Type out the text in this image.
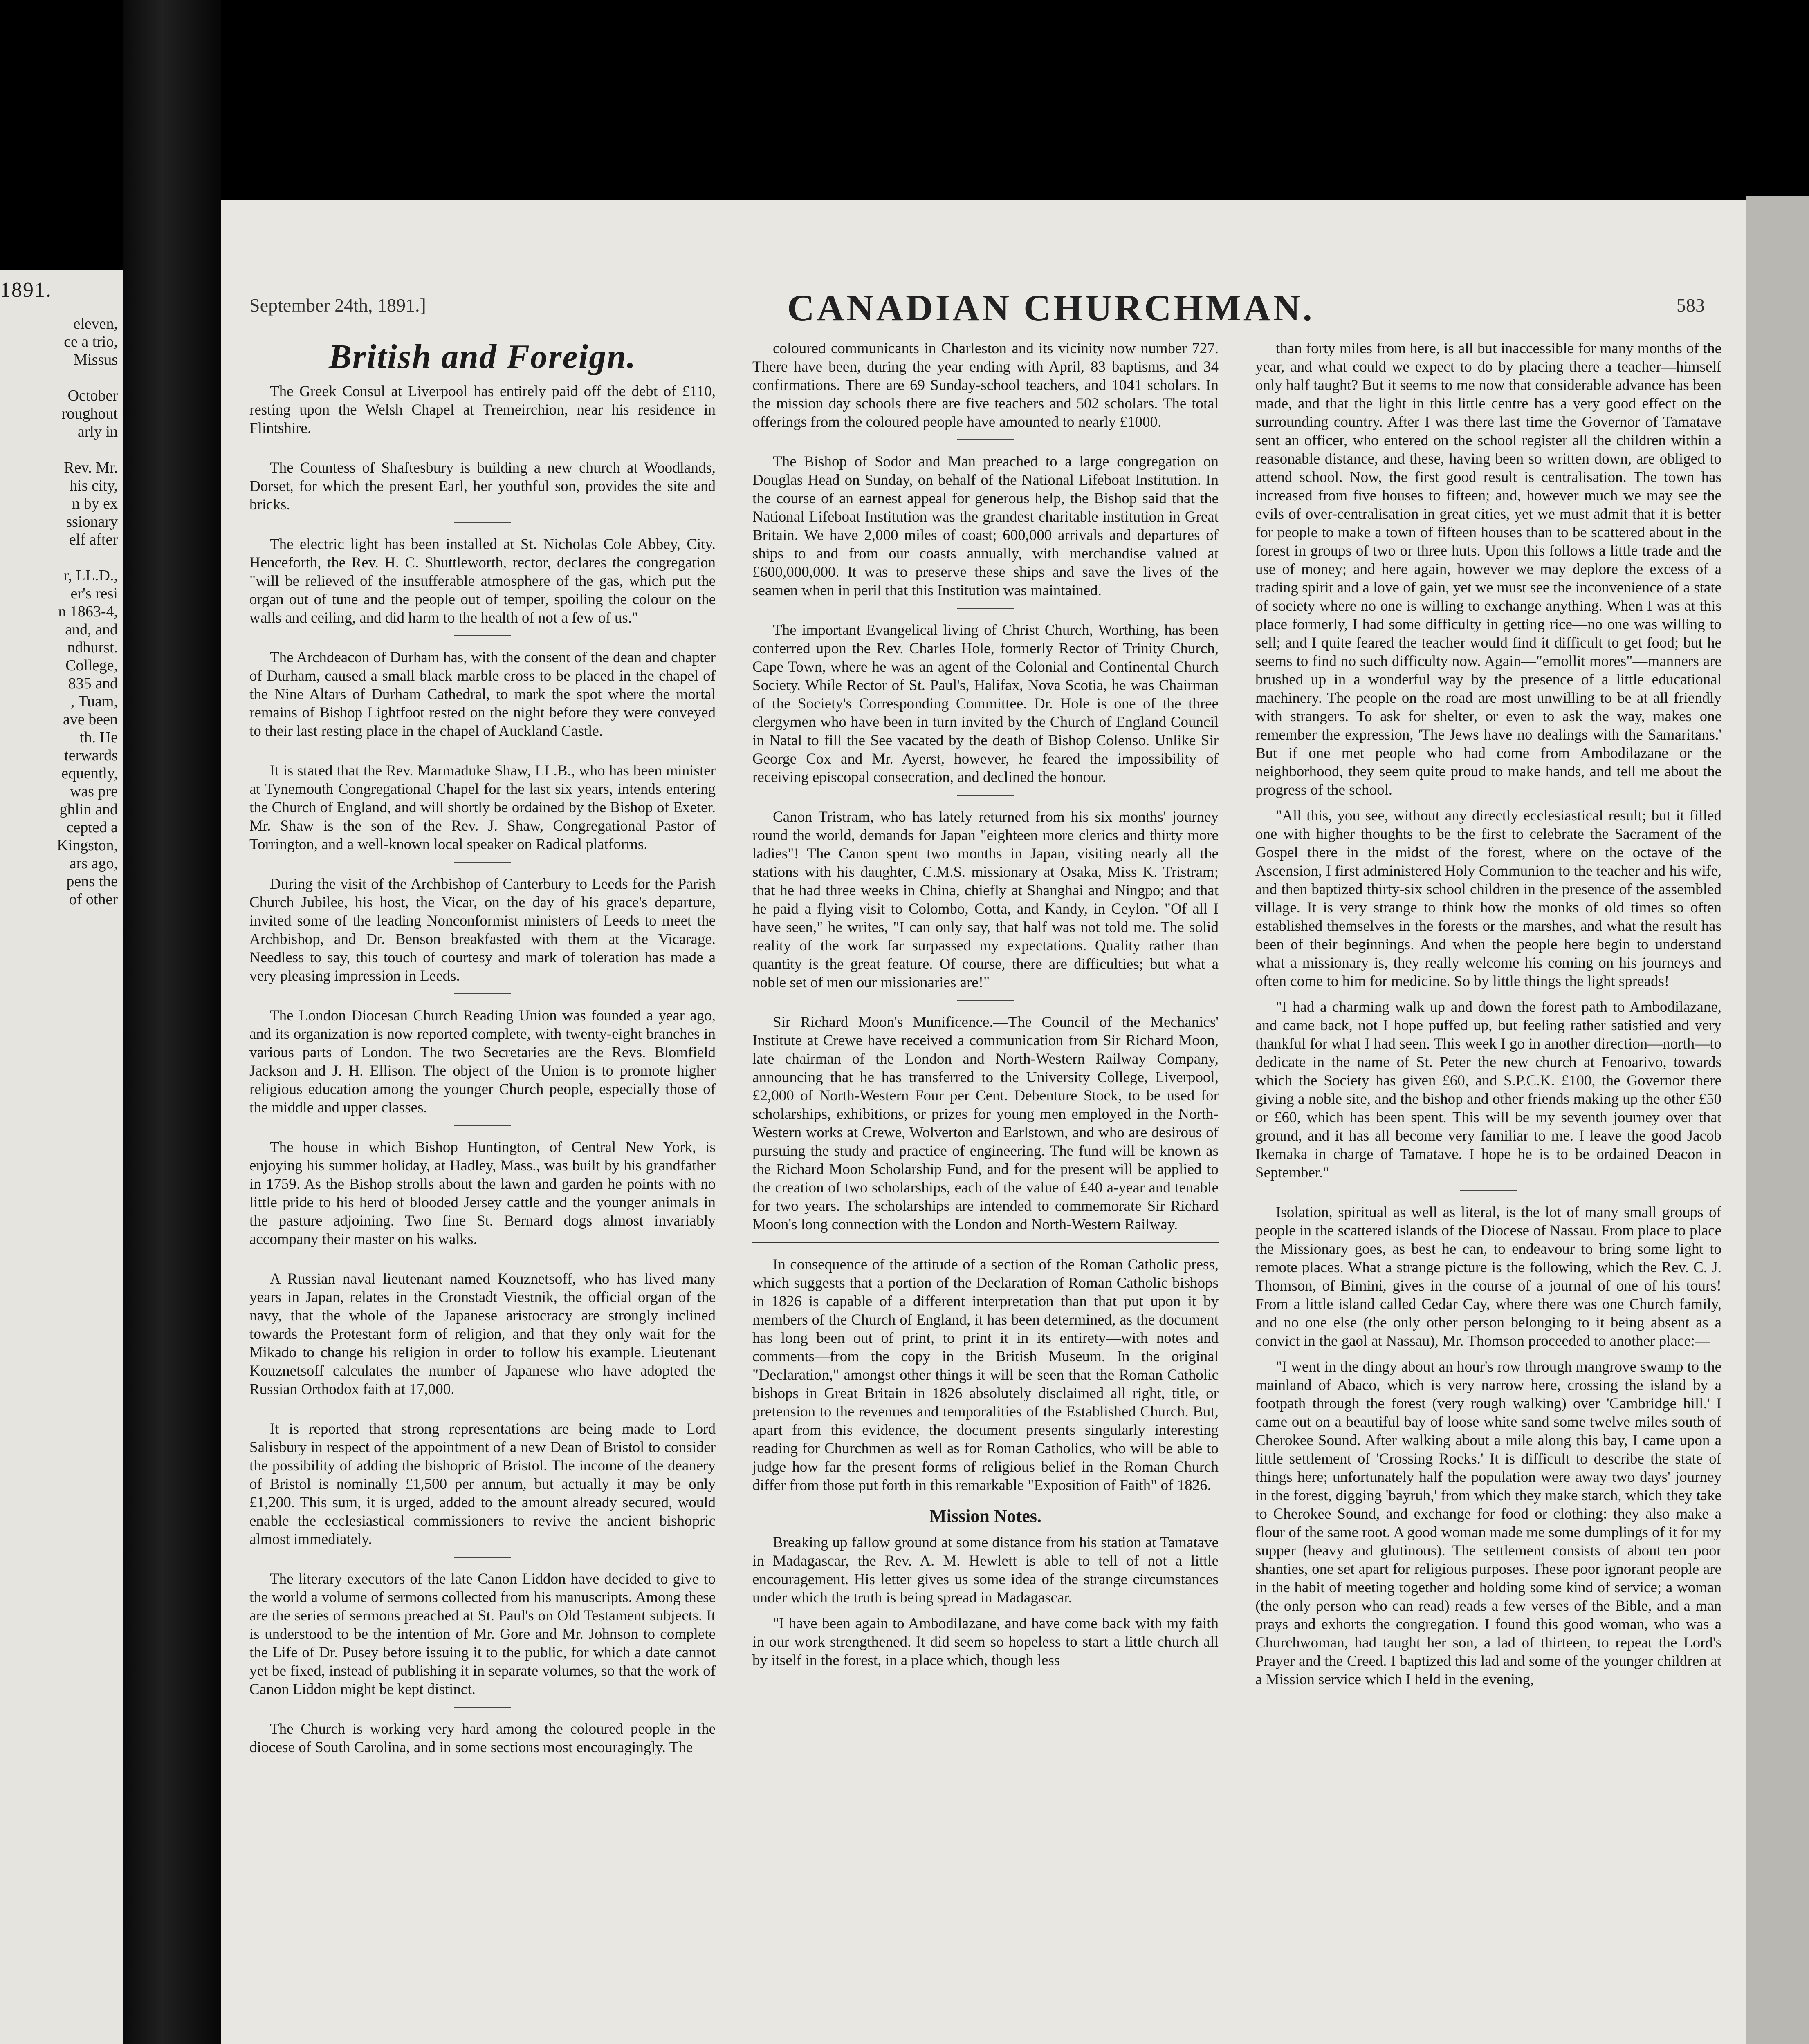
1891.
eleven,
ce a trio,
Missus

October
roughout
arly in

Rev. Mr.
his city,
n by ex
ssionary
elf after

r, LL.D.,
er's resi
n 1863-4,
and, and
ndhurst.
College,
835 and
, Tuam,
ave been
th. He
terwards
equently,
was pre
ghlin and
cepted a
Kingston,
ars ago,
pens the
of other
September 24th, 1891.]	CANADIAN CHURCHMAN.	583
British and Foreign.

The Greek Consul at Liverpool has entirely paid off the debt of £110, resting upon the Welsh Chapel at Tremeirchion, near his residence in Flintshire.

The Countess of Shaftesbury is building a new church at Woodlands, Dorset, for which the present Earl, her youthful son, provides the site and bricks.

The electric light has been installed at St. Nicholas Cole Abbey, City. Henceforth, the Rev. H. C. Shuttleworth, rector, declares the congregation "will be relieved of the insufferable atmosphere of the gas, which put the organ out of tune and the people out of temper, spoiling the colour on the walls and ceiling, and did harm to the health of not a few of us."

The Archdeacon of Durham has, with the consent of the dean and chapter of Durham, caused a small black marble cross to be placed in the chapel of the Nine Altars of Durham Cathedral, to mark the spot where the mortal remains of Bishop Lightfoot rested on the night before they were conveyed to their last resting place in the chapel of Auckland Castle.

It is stated that the Rev. Marmaduke Shaw, LL.B., who has been minister at Tynemouth Congregational Chapel for the last six years, intends entering the Church of England, and will shortly be ordained by the Bishop of Exeter. Mr. Shaw is the son of the Rev. J. Shaw, Congregational Pastor of Torrington, and a well-known local speaker on Radical platforms.

During the visit of the Archbishop of Canterbury to Leeds for the Parish Church Jubilee, his host, the Vicar, on the day of his grace's departure, invited some of the leading Nonconformist ministers of Leeds to meet the Archbishop, and Dr. Benson breakfasted with them at the Vicarage. Needless to say, this touch of courtesy and mark of toleration has made a very pleasing impression in Leeds.

The London Diocesan Church Reading Union was founded a year ago, and its organization is now reported complete, with twenty-eight branches in various parts of London. The two Secretaries are the Revs. Blomfield Jackson and J. H. Ellison. The object of the Union is to promote higher religious education among the younger Church people, especially those of the middle and upper classes.

The house in which Bishop Huntington, of Central New York, is enjoying his summer holiday, at Hadley, Mass., was built by his grandfather in 1759. As the Bishop strolls about the lawn and garden he points with no little pride to his herd of blooded Jersey cattle and the younger animals in the pasture adjoining. Two fine St. Bernard dogs almost invariably accompany their master on his walks.

A Russian naval lieutenant named Kouznetsoff, who has lived many years in Japan, relates in the Cronstadt Viestnik, the official organ of the navy, that the whole of the Japanese aristocracy are strongly inclined towards the Protestant form of religion, and that they only wait for the Mikado to change his religion in order to follow his example. Lieutenant Kouznetsoff calculates the number of Japanese who have adopted the Russian Orthodox faith at 17,000.

It is reported that strong representations are being made to Lord Salisbury in respect of the appointment of a new Dean of Bristol to consider the possibility of adding the bishopric of Bristol. The income of the deanery of Bristol is nominally £1,500 per annum, but actually it may be only £1,200. This sum, it is urged, added to the amount already secured, would enable the ecclesiastical commissioners to revive the ancient bishopric almost immediately.

The literary executors of the late Canon Liddon have decided to give to the world a volume of sermons collected from his manuscripts. Among these are the series of sermons preached at St. Paul's on Old Testament subjects. It is understood to be the intention of Mr. Gore and Mr. Johnson to complete the Life of Dr. Pusey before issuing it to the public, for which a date cannot yet be fixed, instead of publishing it in separate volumes, so that the work of Canon Liddon might be kept distinct.

The Church is working very hard among the coloured people in the diocese of South Carolina, and in some sections most encouragingly. The

coloured communicants in Charleston and its vicinity now number 727. There have been, during the year ending with April, 83 baptisms, and 34 confirmations. There are 69 Sunday-school teachers, and 1041 scholars. In the mission day schools there are five teachers and 502 scholars. The total offerings from the coloured people have amounted to nearly £1000.

The Bishop of Sodor and Man preached to a large congregation on Douglas Head on Sunday, on behalf of the National Lifeboat Institution. In the course of an earnest appeal for generous help, the Bishop said that the National Lifeboat Institution was the grandest charitable institution in Great Britain. We have 2,000 miles of coast; 600,000 arrivals and departures of ships to and from our coasts annually, with merchandise valued at £600,000,000. It was to preserve these ships and save the lives of the seamen when in peril that this Institution was maintained.

The important Evangelical living of Christ Church, Worthing, has been conferred upon the Rev. Charles Hole, formerly Rector of Trinity Church, Cape Town, where he was an agent of the Colonial and Continental Church Society. While Rector of St. Paul's, Halifax, Nova Scotia, he was Chairman of the Society's Corresponding Committee. Dr. Hole is one of the three clergymen who have been in turn invited by the Church of England Council in Natal to fill the See vacated by the death of Bishop Colenso. Unlike Sir George Cox and Mr. Ayerst, however, he feared the impossibility of receiving episcopal consecration, and declined the honour.

Canon Tristram, who has lately returned from his six months' journey round the world, demands for Japan "eighteen more clerics and thirty more ladies"! The Canon spent two months in Japan, visiting nearly all the stations with his daughter, C.M.S. missionary at Osaka, Miss K. Tristram; that he had three weeks in China, chiefly at Shanghai and Ningpo; and that he paid a flying visit to Colombo, Cotta, and Kandy, in Ceylon. "Of all I have seen," he writes, "I can only say, that half was not told me. The solid reality of the work far surpassed my expectations. Quality rather than quantity is the great feature. Of course, there are difficulties; but what a noble set of men our missionaries are!"

Sir Richard Moon's Munificence.—The Council of the Mechanics' Institute at Crewe have received a communication from Sir Richard Moon, late chairman of the London and North-Western Railway Company, announcing that he has transferred to the University College, Liverpool, £2,000 of North-Western Four per Cent. Debenture Stock, to be used for scholarships, exhibitions, or prizes for young men employed in the North-Western works at Crewe, Wolverton and Earlstown, and who are desirous of pursuing the study and practice of engineering. The fund will be known as the Richard Moon Scholarship Fund, and for the present will be applied to the creation of two scholarships, each of the value of £40 a-year and tenable for two years. The scholarships are intended to commemorate Sir Richard Moon's long connection with the London and North-Western Railway.

In consequence of the attitude of a section of the Roman Catholic press, which suggests that a portion of the Declaration of Roman Catholic bishops in 1826 is capable of a different interpretation than that put upon it by members of the Church of England, it has been determined, as the document has long been out of print, to print it in its entirety—with notes and comments—from the copy in the British Museum. In the original "Declaration," amongst other things it will be seen that the Roman Catholic bishops in Great Britain in 1826 absolutely disclaimed all right, title, or pretension to the revenues and temporalities of the Established Church. But, apart from this evidence, the document presents singularly interesting reading for Churchmen as well as for Roman Catholics, who will be able to judge how far the present forms of religious belief in the Roman Church differ from those put forth in this remarkable "Exposition of Faith" of 1826.

Mission Notes.

Breaking up fallow ground at some distance from his station at Tamatave in Madagascar, the Rev. A. M. Hewlett is able to tell of not a little encouragement. His letter gives us some idea of the strange circumstances under which the truth is being spread in Madagascar.

"I have been again to Ambodilazane, and have come back with my faith in our work strengthened. It did seem so hopeless to start a little church all by itself in the forest, in a place which, though less

than forty miles from here, is all but inaccessible for many months of the year, and what could we expect to do by placing there a teacher—himself only half taught? But it seems to me now that considerable advance has been made, and that the light in this little centre has a very good effect on the surrounding country. After I was there last time the Governor of Tamatave sent an officer, who entered on the school register all the children within a reasonable distance, and these, having been so written down, are obliged to attend school. Now, the first good result is centralisation. The town has increased from five houses to fifteen; and, however much we may see the evils of over-centralisation in great cities, yet we must admit that it is better for people to make a town of fifteen houses than to be scattered about in the forest in groups of two or three huts. Upon this follows a little trade and the use of money; and here again, however we may deplore the excess of a trading spirit and a love of gain, yet we must see the inconvenience of a state of society where no one is willing to exchange anything. When I was at this place formerly, I had some difficulty in getting rice—no one was willing to sell; and I quite feared the teacher would find it difficult to get food; but he seems to find no such difficulty now. Again—"emollit mores"—manners are brushed up in a wonderful way by the presence of a little educational machinery. The people on the road are most unwilling to be at all friendly with strangers. To ask for shelter, or even to ask the way, makes one remember the expression, 'The Jews have no dealings with the Samaritans.' But if one met people who had come from Ambodilazane or the neighborhood, they seem quite proud to make hands, and tell me about the progress of the school.

"All this, you see, without any directly ecclesiastical result; but it filled one with higher thoughts to be the first to celebrate the Sacrament of the Gospel there in the midst of the forest, where on the octave of the Ascension, I first administered Holy Communion to the teacher and his wife, and then baptized thirty-six school children in the presence of the assembled village. It is very strange to think how the monks of old times so often established themselves in the forests or the marshes, and what the result has been of their beginnings. And when the people here begin to understand what a missionary is, they really welcome his coming on his journeys and often come to him for medicine. So by little things the light spreads!

"I had a charming walk up and down the forest path to Ambodilazane, and came back, not I hope puffed up, but feeling rather satisfied and very thankful for what I had seen. This week I go in another direction—north—to dedicate in the name of St. Peter the new church at Fenoarivo, towards which the Society has given £60, and S.P.C.K. £100, the Governor there giving a noble site, and the bishop and other friends making up the other £50 or £60, which has been spent. This will be my seventh journey over that ground, and it has all become very familiar to me. I leave the good Jacob Ikemaka in charge of Tamatave. I hope he is to be ordained Deacon in September."

Isolation, spiritual as well as literal, is the lot of many small groups of people in the scattered islands of the Diocese of Nassau. From place to place the Missionary goes, as best he can, to endeavour to bring some light to remote places. What a strange picture is the following, which the Rev. C. J. Thomson, of Bimini, gives in the course of a journal of one of his tours! From a little island called Cedar Cay, where there was one Church family, and no one else (the only other person belonging to it being absent as a convict in the gaol at Nassau), Mr. Thomson proceeded to another place:—

"I went in the dingy about an hour's row through mangrove swamp to the mainland of Abaco, which is very narrow here, crossing the island by a footpath through the forest (very rough walking) over 'Cambridge hill.' I came out on a beautiful bay of loose white sand some twelve miles south of Cherokee Sound. After walking about a mile along this bay, I came upon a little settlement of 'Crossing Rocks.' It is difficult to describe the state of things here; unfortunately half the population were away two days' journey in the forest, digging 'bayruh,' from which they make starch, which they take to Cherokee Sound, and exchange for food or clothing: they also make a flour of the same root. A good woman made me some dumplings of it for my supper (heavy and glutinous). The settlement consists of about ten poor shanties, one set apart for religious purposes. These poor ignorant people are in the habit of meeting together and holding some kind of service; a woman (the only person who can read) reads a few verses of the Bible, and a man prays and exhorts the congregation. I found this good woman, who was a Churchwoman, had taught her son, a lad of thirteen, to repeat the Lord's Prayer and the Creed. I baptized this lad and some of the younger children at a Mission service which I held in the evening,
